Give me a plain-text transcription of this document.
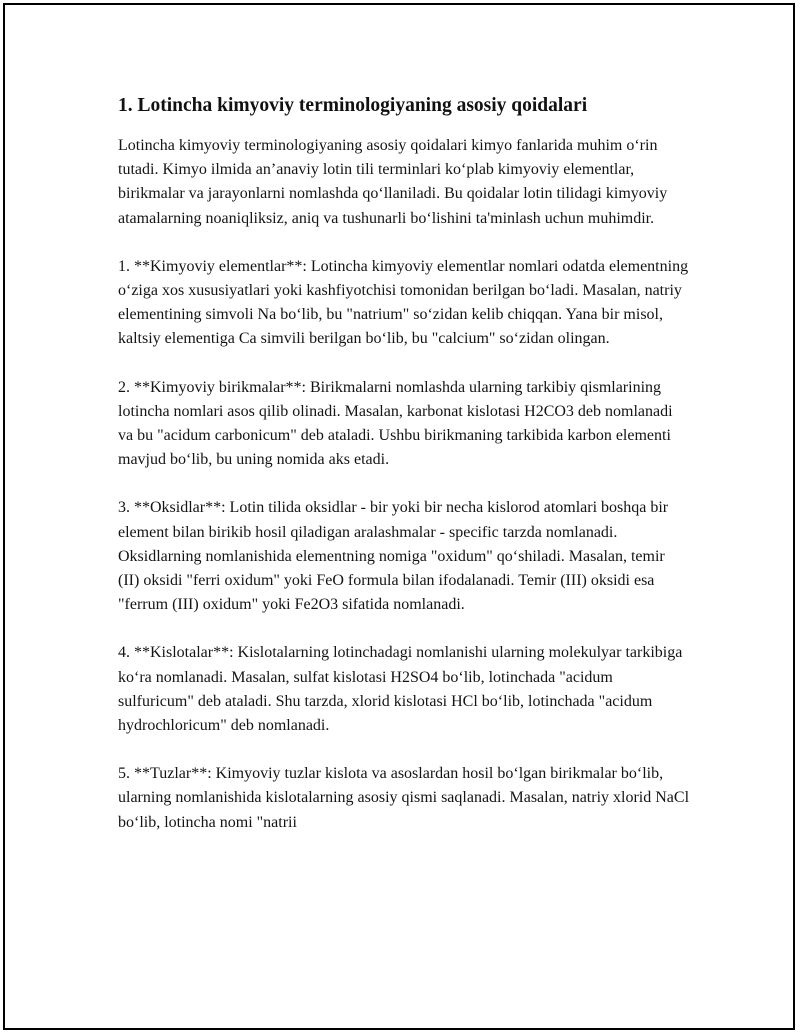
1. Lotincha kimyoviy terminologiyaning asosiy qoidalari

Lotincha kimyoviy terminologiyaning asosiy qoidalari kimyo fanlarida muhim o‘rin tutadi. Kimyo ilmida an’anaviy lotin tili terminlari ko‘plab kimyoviy elementlar, birikmalar va jarayonlarni nomlashda qo‘llaniladi. Bu qoidalar lotin tilidagi kimyoviy atamalarning noaniqliksiz, aniq va tushunarli bo‘lishini ta'minlash uchun muhimdir.

1. **Kimyoviy elementlar**: Lotincha kimyoviy elementlar nomlari odatda elementning o‘ziga xos xususiyatlari yoki kashfiyotchisi tomonidan berilgan bo‘ladi. Masalan, natriy elementining simvoli Na bo‘lib, bu "natrium" so‘zidan kelib chiqqan. Yana bir misol, kaltsiy elementiga Ca simvili berilgan bo‘lib, bu "calcium" so‘zidan olingan.

2. **Kimyoviy birikmalar**: Birikmalarni nomlashda ularning tarkibiy qismlarining lotincha nomlari asos qilib olinadi. Masalan, karbonat kislotasi H2CO3 deb nomlanadi va bu "acidum carbonicum" deb ataladi. Ushbu birikmaning tarkibida karbon elementi mavjud bo‘lib, bu uning nomida aks etadi.

3. **Oksidlar**: Lotin tilida oksidlar - bir yoki bir necha kislorod atomlari boshqa bir element bilan birikib hosil qiladigan aralashmalar - specific tarzda nomlanadi. Oksidlarning nomlanishida elementning nomiga "oxidum" qo‘shiladi. Masalan, temir (II) oksidi "ferri oxidum" yoki FeO formula bilan ifodalanadi. Temir (III) oksidi esa "ferrum (III) oxidum" yoki Fe2O3 sifatida nomlanadi.

4. **Kislotalar**: Kislotalarning lotinchadagi nomlanishi ularning molekulyar tarkibiga ko‘ra nomlanadi. Masalan, sulfat kislotasi H2SO4 bo‘lib, lotinchada "acidum sulfuricum" deb ataladi. Shu tarzda, xlorid kislotasi HCl bo‘lib, lotinchada "acidum hydrochloricum" deb nomlanadi.

5. **Tuzlar**: Kimyoviy tuzlar kislota va asoslardan hosil bo‘lgan birikmalar bo‘lib, ularning nomlanishida kislotalarning asosiy qismi saqlanadi. Masalan, natriy xlorid NaCl bo‘lib, lotincha nomi "natrii
